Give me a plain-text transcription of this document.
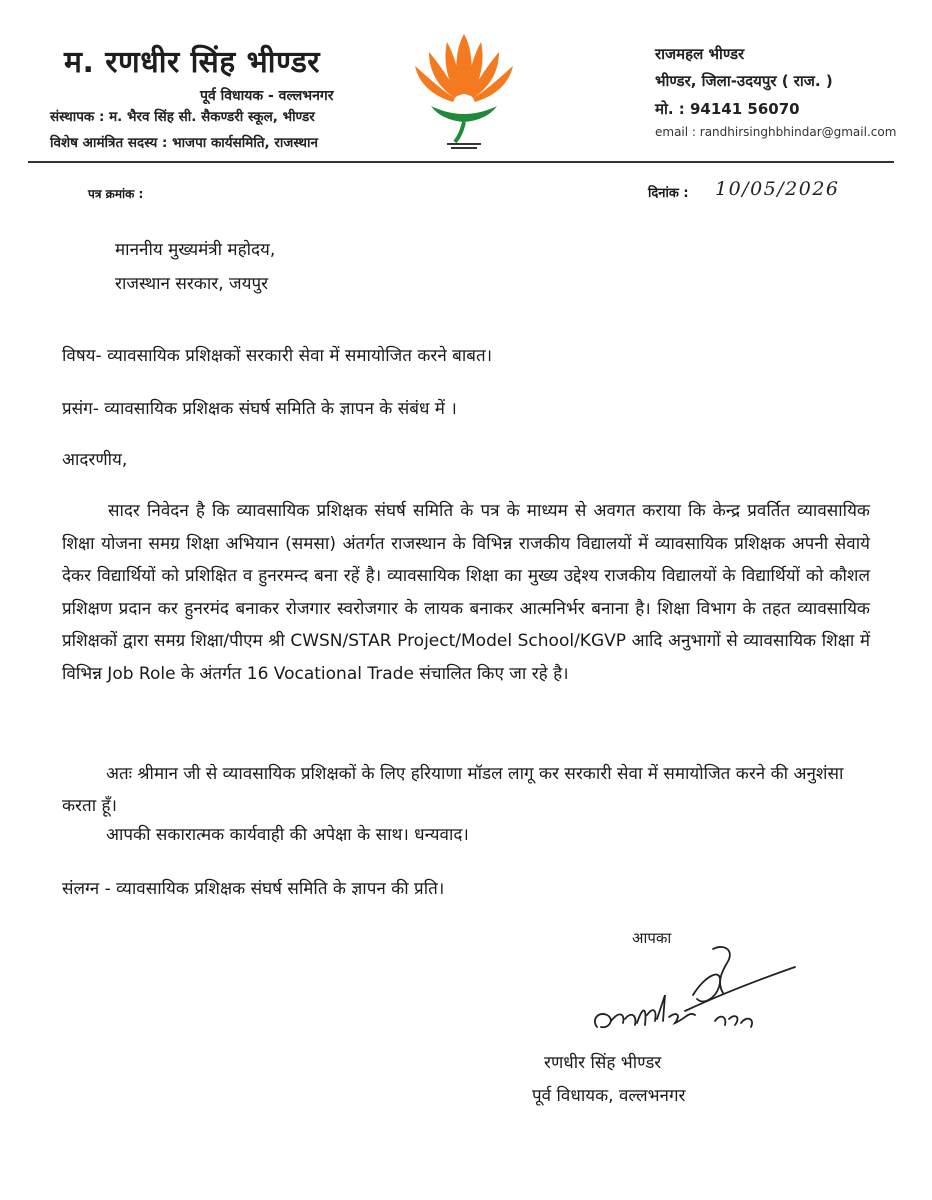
म. रणधीर सिंह भीण्डर
पूर्व विधायक - वल्लभनगर
संस्थापक : म. भैरव सिंह सी. सैकण्डरी स्कूल, भीण्डर
विशेष आमंत्रित सदस्य : भाजपा कार्यसमिति, राजस्थान
राजमहल भीण्डर
भीण्डर, जिला-उदयपुर ( राज. )
मो. : 94141 56070
email : randhirsinghbhindar@gmail.com
पत्र क्रमांक :	दिनांक : 10/05/2026
माननीय मुख्यमंत्री महोदय,
राजस्थान सरकार, जयपुर
विषय- व्यावसायिक प्रशिक्षकों सरकारी सेवा में समायोजित करने बाबत।
प्रसंग- व्यावसायिक प्रशिक्षक संघर्ष समिति के ज्ञापन के संबंध में ।
आदरणीय,

सादर निवेदन है कि व्यावसायिक प्रशिक्षक संघर्ष समिति के पत्र के माध्यम से अवगत कराया कि केन्द्र प्रवर्तित व्यावसायिक शिक्षा योजना समग्र शिक्षा अभियान (समसा) अंतर्गत राजस्थान के विभिन्न राजकीय विद्यालयों में व्यावसायिक प्रशिक्षक अपनी सेवाये देकर विद्यार्थियों को प्रशिक्षित व हुनरमन्द बना रहें है। व्यावसायिक शिक्षा का मुख्य उद्देश्य राजकीय विद्यालयों के विद्यार्थियों को कौशल प्रशिक्षण प्रदान कर हुनरमंद बनाकर रोजगार स्वरोजगार के लायक बनाकर आत्मनिर्भर बनाना है। शिक्षा विभाग के तहत व्यावसायिक प्रशिक्षकों द्वारा समग्र शिक्षा/पीएम श्री CWSN/STAR Project/Model School/KGVP आदि अनुभागों से व्यावसायिक शिक्षा में विभिन्न Job Role के अंतर्गत 16 Vocational Trade संचालित किए जा रहे है।

अतः श्रीमान जी से व्यावसायिक प्रशिक्षकों के लिए हरियाणा मॉडल लागू कर सरकारी सेवा में समायोजित करने की अनुशंसा करता हूँ।

आपकी सकारात्मक कार्यवाही की अपेक्षा के साथ। धन्यवाद।
संलग्न - व्यावसायिक प्रशिक्षक संघर्ष समिति के ज्ञापन की प्रति।
आपका
रणधीर सिंह भीण्डर
पूर्व विधायक, वल्लभनगर
